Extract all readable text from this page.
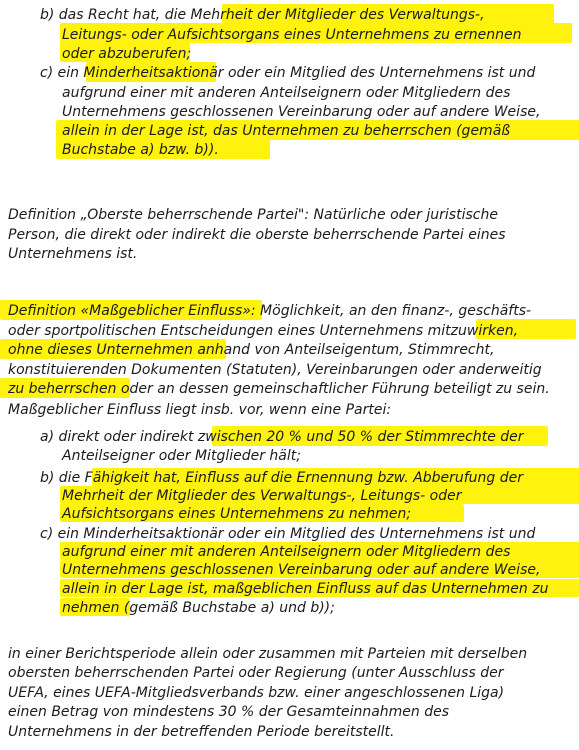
b) das Recht hat, die Mehrheit der Mitglieder des Verwaltungs-,
Leitungs- oder Aufsichtsorgans eines Unternehmens zu ernennen
oder abzuberufen;
c) ein Minderheitsaktionär oder ein Mitglied des Unternehmens ist und
aufgrund einer mit anderen Anteilseignern oder Mitgliedern des
Unternehmens geschlossenen Vereinbarung oder auf andere Weise,
allein in der Lage ist, das Unternehmen zu beherrschen (gemäß
Buchstabe a) bzw. b)).
Definition „Oberste beherrschende Partei": Natürliche oder juristische
Person, die direkt oder indirekt die oberste beherrschende Partei eines
Unternehmens ist.
Definition «Maßgeblicher Einfluss»: Möglichkeit, an den finanz-, geschäfts-
oder sportpolitischen Entscheidungen eines Unternehmens mitzuwirken,
ohne dieses Unternehmen anhand von Anteilseigentum, Stimmrecht,
konstituierenden Dokumenten (Statuten), Vereinbarungen oder anderweitig
zu beherrschen oder an dessen gemeinschaftlicher Führung beteiligt zu sein.
Maßgeblicher Einfluss liegt insb. vor, wenn eine Partei:
a) direkt oder indirekt zwischen 20 % und 50 % der Stimmrechte der
Anteilseigner oder Mitglieder hält;
b) die Fähigkeit hat, Einfluss auf die Ernennung bzw. Abberufung der
Mehrheit der Mitglieder des Verwaltungs-, Leitungs- oder
Aufsichtsorgans eines Unternehmens zu nehmen;
c) ein Minderheitsaktionär oder ein Mitglied des Unternehmens ist und
aufgrund einer mit anderen Anteilseignern oder Mitgliedern des
Unternehmens geschlossenen Vereinbarung oder auf andere Weise,
allein in der Lage ist, maßgeblichen Einfluss auf das Unternehmen zu
nehmen (gemäß Buchstabe a) und b));
in einer Berichtsperiode allein oder zusammen mit Parteien mit derselben
obersten beherrschenden Partei oder Regierung (unter Ausschluss der
UEFA, eines UEFA-Mitgliedsverbands bzw. einer angeschlossenen Liga)
einen Betrag von mindestens 30 % der Gesamteinnahmen des
Unternehmens in der betreffenden Periode bereitstellt.
